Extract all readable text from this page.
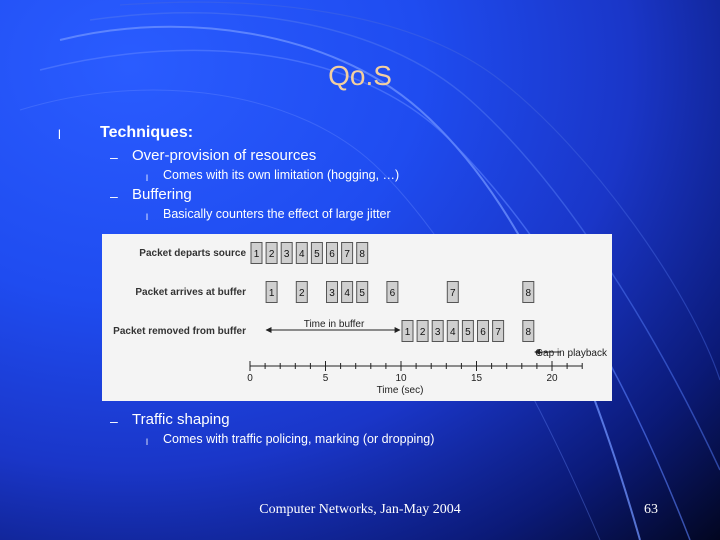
Qo.S
l Techniques:
– Over-provision of resources
l Comes with its own limitation (hogging, …)
– Buffering
l Basically counters the effect of large jitter
Packet departs source
Packet arrives at buffer
Packet removed from buffer
Time in buffer
Gap in playback
Time (sec)
1 2 3 4 5 6 7 8
1 2 3 4 5 6	7	8
1 2 3 4 5 6 7 8
0	5	10	15	20
– Traffic shaping
l Comes with traffic policing, marking (or dropping)
Computer Networks, Jan-May 2004	63
